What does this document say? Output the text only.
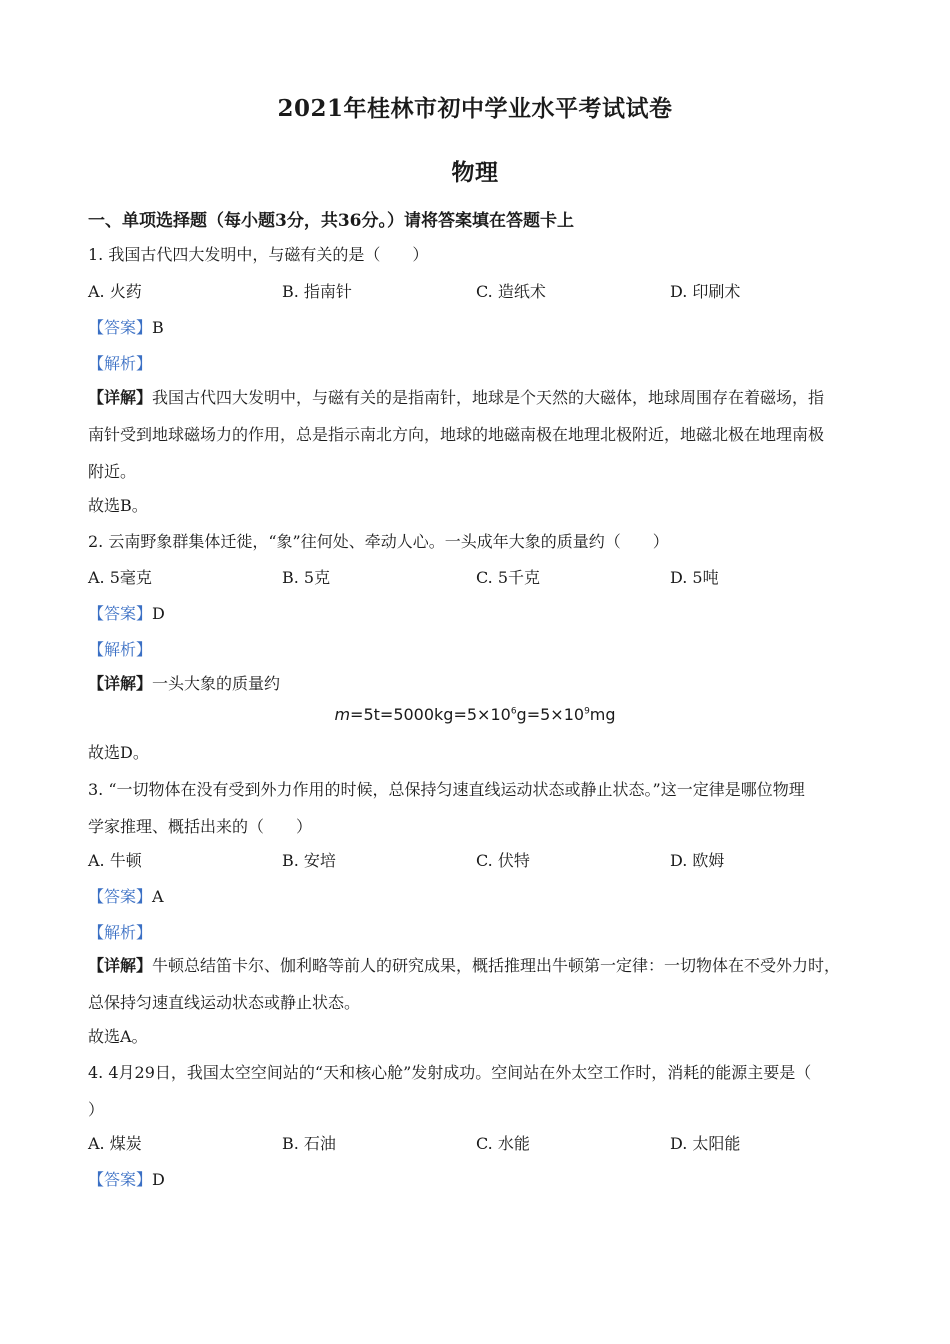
2021年桂林市初中学业水平考试试卷
物理
一、单项选择题（每小题3分，共36分。）请将答案填在答题卡上
1. 我国古代四大发明中，与磁有关的是（　　）
A. 火药	B. 指南针	C. 造纸术	D. 印刷术
【答案】B
【解析】
【详解】我国古代四大发明中，与磁有关的是指南针，地球是个天然的大磁体，地球周围存在着磁场，指
南针受到地球磁场力的作用，总是指示南北方向，地球的地磁南极在地理北极附近，地磁北极在地理南极
附近。
故选B。
2. 云南野象群集体迁徙，“象”往何处、牵动人心。一头成年大象的质量约（　　）
A. 5毫克	B. 5克	C. 5千克	D. 5吨
【答案】D
【解析】
【详解】一头大象的质量约
$m=5t=5000kg=5\times 10^6g=5\times 10^9mg$
故选D。
3. “一切物体在没有受到外力作用的时候，总保持匀速直线运动状态或静止状态。”这一定律是哪位物理
学家推理、概括出来的（　　）
A. 牛顿	B. 安培	C. 伏特	D. 欧姆
【答案】A
【解析】
【详解】牛顿总结笛卡尔、伽利略等前人的研究成果，概括推理出牛顿第一定律：一切物体在不受外力时，
总保持匀速直线运动状态或静止状态。
故选A。
4. 4月29日，我国太空空间站的“天和核心舱”发射成功。空间站在外太空工作时，消耗的能源主要是（
）
A. 煤炭	B. 石油	C. 水能	D. 太阳能
【答案】D
